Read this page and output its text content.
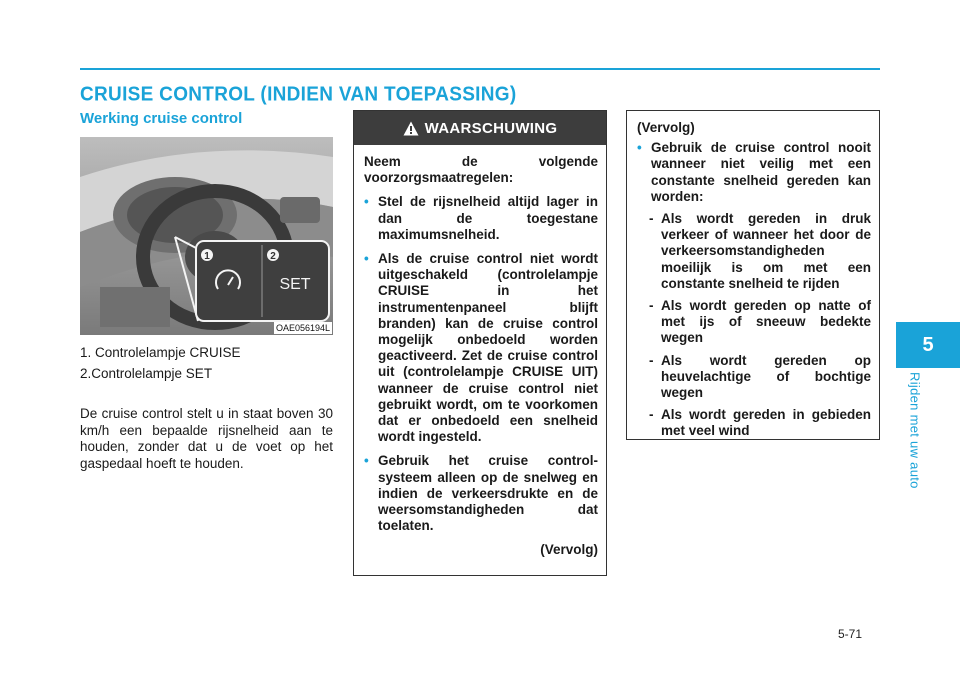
CRUISE CONTROL (INDIEN VAN TOEPASSING)
Werking cruise control
1	2
SET
OAE056194L
1. Controlelampje CRUISE
2.Controlelampje SET
De cruise control stelt u in staat boven 30 km/h een bepaalde rijsnelheid aan te houden, zonder dat u de voet op het gaspedaal hoeft te houden.
WAARSCHUWING

Neem de volgende voorzorgsmaatregelen:

• Stel de rijsnelheid altijd lager in dan de toegestane maximumsnelheid.
• Als de cruise control niet wordt uitgeschakeld (controlelampje CRUISE in het instrumentenpaneel blijft branden) kan de cruise control mogelijk onbedoeld worden geactiveerd. Zet de cruise control uit (controlelampje CRUISE UIT) wanneer de cruise control niet gebruikt wordt, om te voorkomen dat er onbedoeld een snelheid wordt ingesteld.
• Gebruik het cruise control-systeem alleen op de snelweg en indien de verkeersdrukte en de weersomstandigheden dat toelaten.
(Vervolg)
(Vervolg)
• Gebruik de cruise control nooit wanneer niet veilig met een constante snelheid gereden kan worden:
- Als wordt gereden in druk verkeer of wanneer het door de verkeersomstandigheden moeilijk is om met een constante snelheid te rijden
- Als wordt gereden op natte of met ijs of sneeuw bedekte wegen
- Als wordt gereden op heuvelachtige of bochtige wegen
- Als wordt gereden in gebieden met veel wind
5
Rijden met uw auto
5-71
